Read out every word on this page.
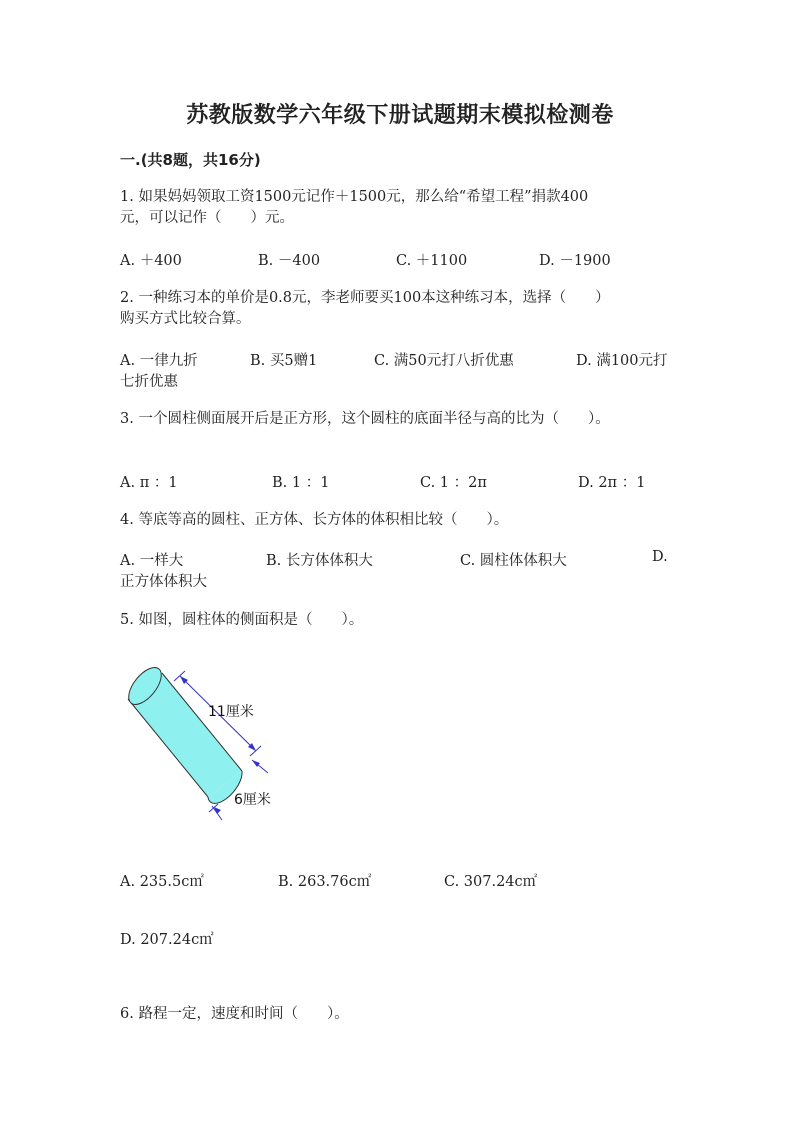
苏教版数学六年级下册试题期末模拟检测卷
一.(共8题，共16分)
1. 如果妈妈领取工资1500元记作＋1500元，那么给“希望工程”捐款400
元，可以记作（　　）元。
A. ＋400	B. －400	C. ＋1100	D. －1900
2. 一种练习本的单价是0.8元，李老师要买100本这种练习本，选择（　　）
购买方式比较合算。
A. 一律九折	B. 买5赠1	C. 满50元打八折优惠	D. 满100元打
七折优惠
3. 一个圆柱侧面展开后是正方形，这个圆柱的底面半径与高的比为（　　）。
A. π ：1	B. 1 ：1	C. 1 ：2π	D. 2π ：1
4. 等底等高的圆柱、正方体、长方体的体积相比较（　　）。
A. 一样大	B. 长方体体积大	C. 圆柱体体积大	D.
正方体体积大
5. 如图，圆柱体的侧面积是（　　）。
11厘米
6厘米
A. 235.5c㎡	B. 263.76c㎡	C. 307.24c㎡
D. 207.24c㎡
6. 路程一定，速度和时间（　　）。
